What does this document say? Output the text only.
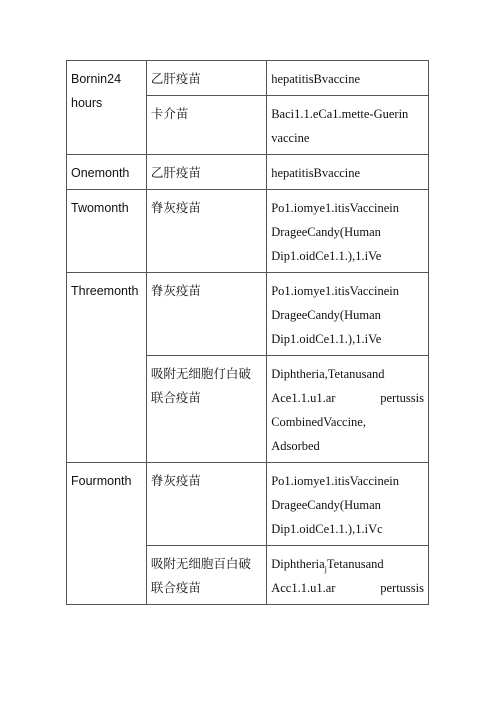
Bornin24 hours	乙肝疫苗	hepatitisBvaccine
	卡介苗	Baci1.1.eCa1.mette-Guerin
vaccine
Onemonth	乙肝疫苗	hepatitisBvaccine
Twomonth	脊灰疫苗	Po1.iomye1.itisVaccinein
DrageeCandy(Human
Dip1.oidCe1.1.),1.iVe
Threemonth	脊灰疫苗	Po1.iomye1.itisVaccinein
DrageeCandy(Human
Dip1.oidCe1.1.),1.iVe
	吸附无细胞仃白破联合疫苗	Diphtheria,Tetanusand

Ace1.1.u1.ar pertussis
CombinedVaccine,
Adsorbed
Fourmonth	脊灰疫苗	Po1.iomye1.itisVaccinein
DrageeCandy(Human
Dip1.oidCe1.1.),1.iVc
	吸附无细胞百白破联合疫苗	Diphtheria$_j$Tetanusand

Acc1.1.u1.ar pertussis
